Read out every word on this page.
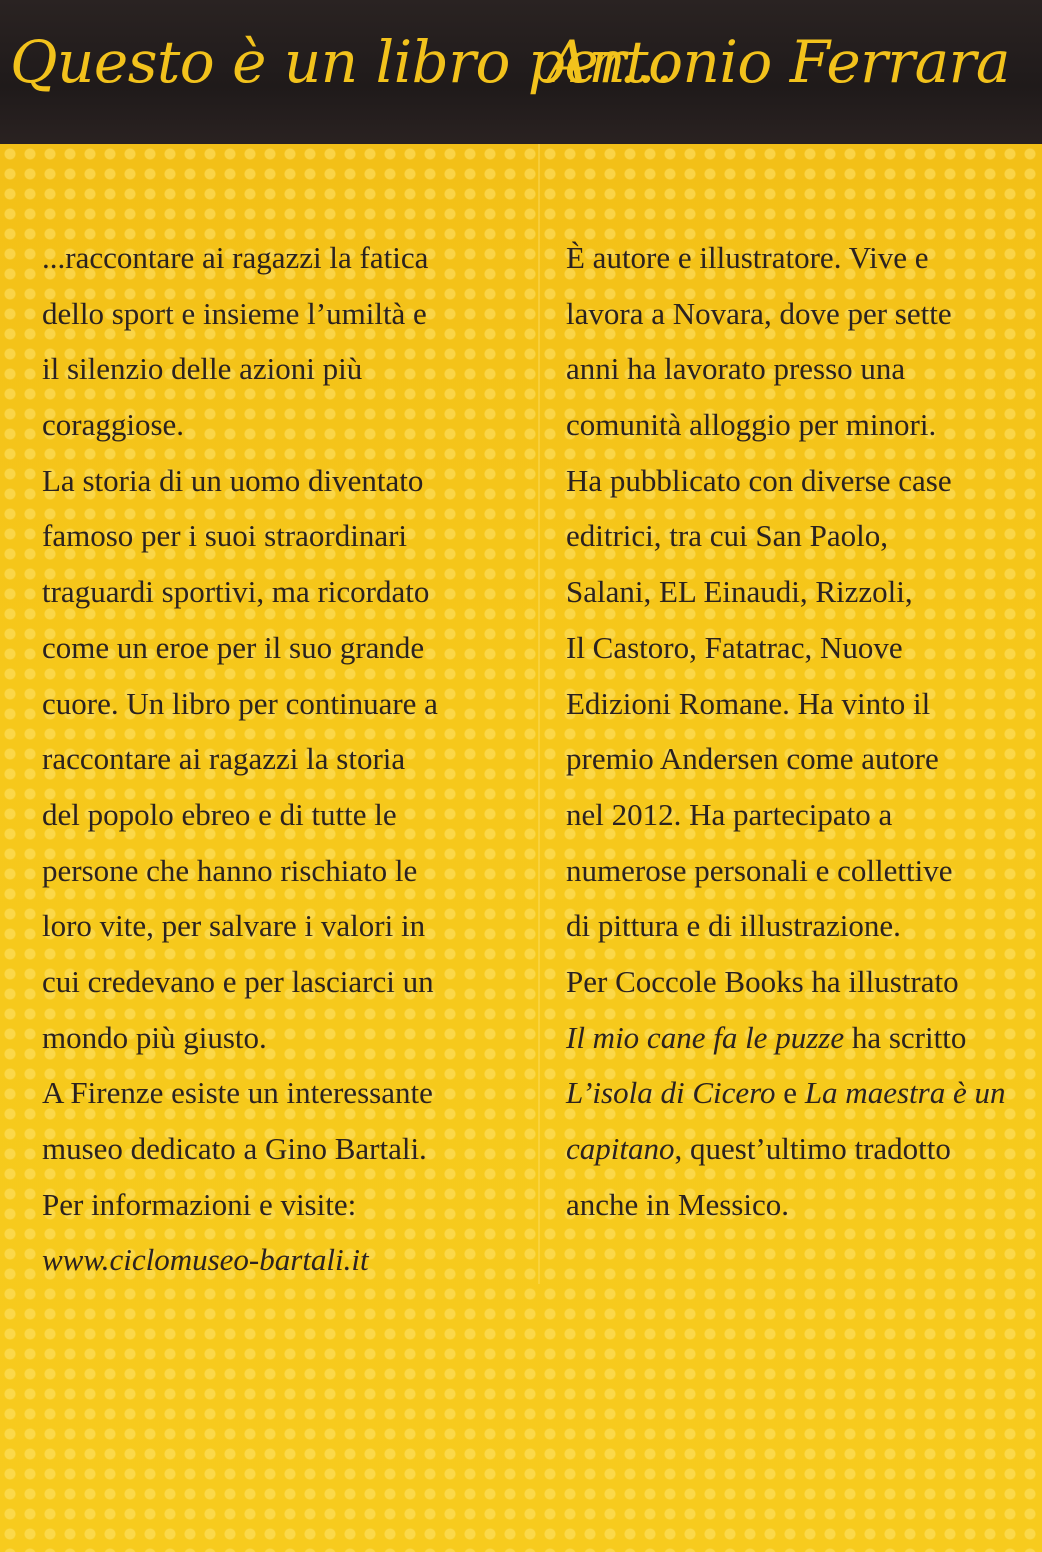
Questo è un libro per...
Antonio Ferrara
...raccontare ai ragazzi la fatica
dello sport e insieme l’umiltà e
il silenzio delle azioni più
coraggiose.
La storia di un uomo diventato
famoso per i suoi straordinari
traguardi sportivi, ma ricordato
come un eroe per il suo grande
cuore. Un libro per continuare a
raccontare ai ragazzi la storia
del popolo ebreo e di tutte le
persone che hanno rischiato le
loro vite, per salvare i valori in
cui credevano e per lasciarci un
mondo più giusto.
A Firenze esiste un interessante
museo dedicato a Gino Bartali.
Per informazioni e visite:
www.ciclomuseo-bartali.it
È autore e illustratore. Vive e
lavora a Novara, dove per sette
anni ha lavorato presso una
comunità alloggio per minori.
Ha pubblicato con diverse case
editrici, tra cui San Paolo,
Salani, EL Einaudi, Rizzoli,
Il Castoro, Fatatrac, Nuove
Edizioni Romane. Ha vinto il
premio Andersen come autore
nel 2012. Ha partecipato a
numerose personali e collettive
di pittura e di illustrazione.
Per Coccole Books ha illustrato
Il mio cane fa le puzze ha scritto
L’isola di Cicero e La maestra è un
capitano, quest’ultimo tradotto
anche in Messico.
